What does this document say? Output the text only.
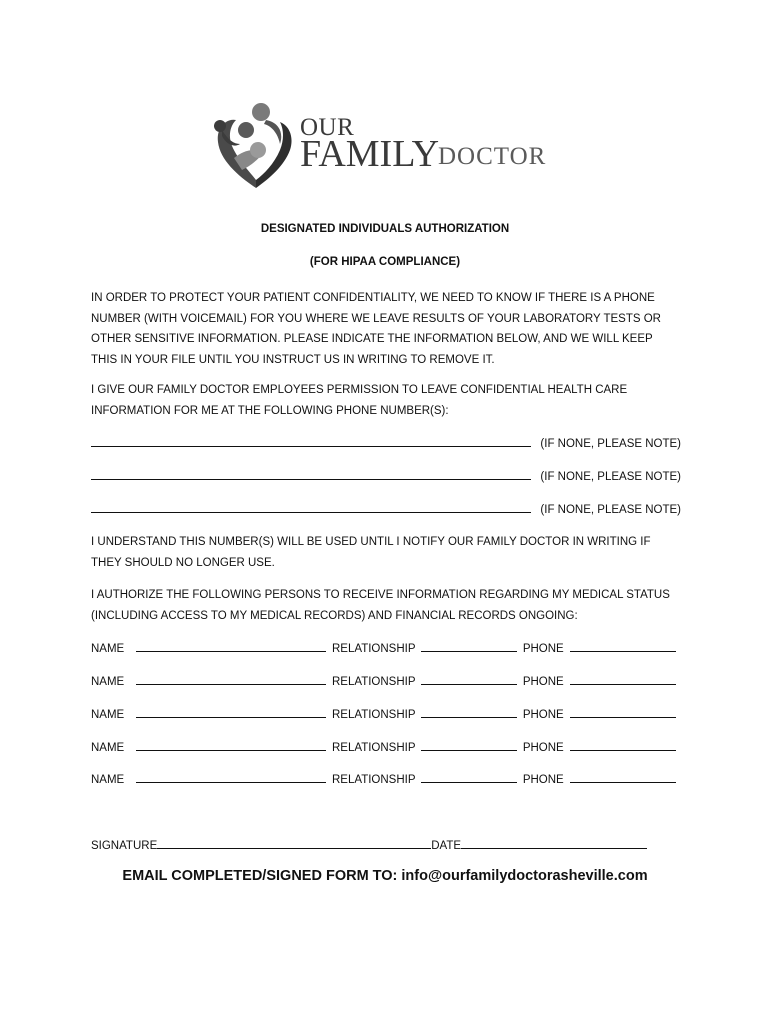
OUR
FAMILY
DOCTOR
DESIGNATED INDIVIDUALS AUTHORIZATION
(FOR HIPAA COMPLIANCE)
IN ORDER TO PROTECT YOUR PATIENT CONFIDENTIALITY, WE NEED TO KNOW IF THERE IS A PHONE NUMBER (WITH VOICEMAIL) FOR YOU WHERE WE LEAVE RESULTS OF YOUR LABORATORY TESTS OR OTHER SENSITIVE INFORMATION. PLEASE INDICATE THE INFORMATION BELOW, AND WE WILL KEEP THIS IN YOUR FILE UNTIL YOU INSTRUCT US IN WRITING TO REMOVE IT.
I GIVE OUR FAMILY DOCTOR EMPLOYEES PERMISSION TO LEAVE CONFIDENTIAL HEALTH CARE INFORMATION FOR ME AT THE FOLLOWING PHONE NUMBER(S):
(IF NONE, PLEASE NOTE)
(IF NONE, PLEASE NOTE)
(IF NONE, PLEASE NOTE)
I UNDERSTAND THIS NUMBER(S) WILL BE USED UNTIL I NOTIFY OUR FAMILY DOCTOR IN WRITING IF THEY SHOULD NO LONGER USE.
I AUTHORIZE THE FOLLOWING PERSONS TO RECEIVE INFORMATION REGARDING MY MEDICAL STATUS (INCLUDING ACCESS TO MY MEDICAL RECORDS) AND FINANCIAL RECORDS ONGOING:
NAME	RELATIONSHIP	PHONE
NAME	RELATIONSHIP	PHONE
NAME	RELATIONSHIP	PHONE
NAME	RELATIONSHIP	PHONE
NAME	RELATIONSHIP	PHONE
SIGNATURE	DATE
EMAIL COMPLETED/SIGNED FORM TO: info@ourfamilydoctorasheville.com
